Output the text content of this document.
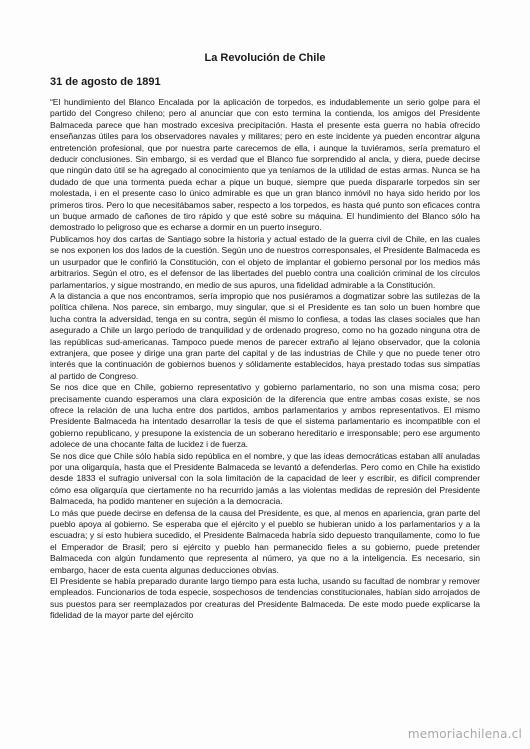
La Revolución de Chile
31 de agosto de 1891

“El hundimiento del Blanco Encalada por la aplicación de torpedos, es indudablemente un serio golpe para el partido del Congreso chileno; pero al anunciar que con esto termina la contienda, los amigos del Presidente Balmaceda parece que han mostrado excesiva precipitación. Hasta el presente esta guerra no había ofrecido enseñanzas útiles para los observadores navales y militares; pero en este incidente ya pueden encontrar alguna entretención profesional, que por nuestra parte carecemos de ella, i aunque la tuviéramos, sería prematuro el deducir conclusiones. Sin embargo, si es verdad que el Blanco fue sorprendido al ancla, y diera, puede decirse que ningún dato útil se ha agregado al conocimiento que ya teníamos de la utilidad de estas armas. Nunca se ha dudado de que una tormenta pueda echar a pique un buque, siempre que pueda dispararle torpedos sin ser molestada, i en el presente caso lo único admirable es que un gran blanco inmóvil no haya sido herido por los primeros tiros. Pero lo que necesitábamos saber, respecto a los torpedos, es hasta qué punto son eficaces contra un buque armado de cañones de tiro rápido y que esté sobre su máquina. El hundimiento del Blanco sólo ha demostrado lo peligroso que es echarse a dormir en un puerto inseguro.

Publicamos hoy dos cartas de Santiago sobre la historia y actual estado de la guerra civil de Chile, en las cuales se nos exponen los dos lados de la cuestión. Según uno de nuestros corresponsales, el Presidente Balmaceda es un usurpador que le confirió la Constitución, con el objeto de implantar el gobierno personal por los medios más arbitrarios. Según el otro, es el defensor de las libertades del pueblo contra una coalición criminal de los círculos parlamentarios, y sigue mostrando, en medio de sus apuros, una fidelidad admirable a la Constitución.

A la distancia a que nos encontramos, sería impropio que nos pusiéramos a dogmatizar sobre las sutilezas de la política chilena. Nos parece, sin embargo, muy singular, que si el Presidente es tan solo un buen hombre que lucha contra la adversidad, tenga en su contra, según él mismo lo confiesa, a todas las clases sociales que han asegurado a Chile un largo período de tranquilidad y de ordenado progreso, como no ha gozado ninguna otra de las repúblicas sud-americanas. Tampoco puede menos de parecer extraño al lejano observador, que la colonia extranjera, que posee y dirige una gran parte del capital y de las industrias de Chile y que no puede tener otro interés que la continuación de gobiernos buenos y sólidamente establecidos, haya prestado todas sus simpatías al partido de Congreso.

Se nos dice que en Chile, gobierno representativo y gobierno parlamentario, no son una misma cosa; pero precisamente cuando esperamos una clara exposición de la diferencia que entre ambas cosas existe, se nos ofrece la relación de una lucha entre dos partidos, ambos parlamentarios y ambos representativos. El mismo Presidente Balmaceda ha intentado desarrollar la tesis de que el sistema parlamentario es incompatible con el gobierno republicano, y presupone la existencia de un soberano hereditario e irresponsable; pero ese argumento adolece de una chocante falta de lucidez i de fuerza.

Se nos dice que Chile sólo había sido república en el nombre, y que las ideas democráticas estaban allí anuladas por una oligarquía, hasta que el Presidente Balmaceda se levantó a defenderlas. Pero como en Chile ha existido desde 1833 el sufragio universal con la sola limitación de la capacidad de leer y escribir, es difícil comprender cómo esa oligarquía que ciertamente no ha recurrido jamás a las violentas medidas de represión del Presidente Balmaceda, ha podido mantener en sujeción a la democracia.

Lo más que puede decirse en defensa de la causa del Presidente, es que, al menos en apariencia, gran parte del pueblo apoya al gobierno. Se esperaba que el ejército y el pueblo se hubieran unido a los parlamentarios y a la escuadra; y si esto hubiera sucedido, el Presidente Balmaceda habría sido depuesto tranquilamente, como lo fue el Emperador de Brasil; pero si ejército y pueblo han permanecido fieles a su gobierno, puede pretender Balmaceda con algún fundamento que representa al número, ya que no a la inteligencia. Es necesario, sin embargo, hacer de esta cuenta algunas deducciones obvias.

El Presidente se había preparado durante largo tiempo para esta lucha, usando su facultad de nombrar y remover empleados. Funcionarios de toda especie, sospechosos de tendencias constitucionales, habían sido arrojados de sus puestos para ser reemplazados por creaturas del Presidente Balmaceda. De este modo puede explicarse la fidelidad de la mayor parte del ejército

memoriachilena.cl
